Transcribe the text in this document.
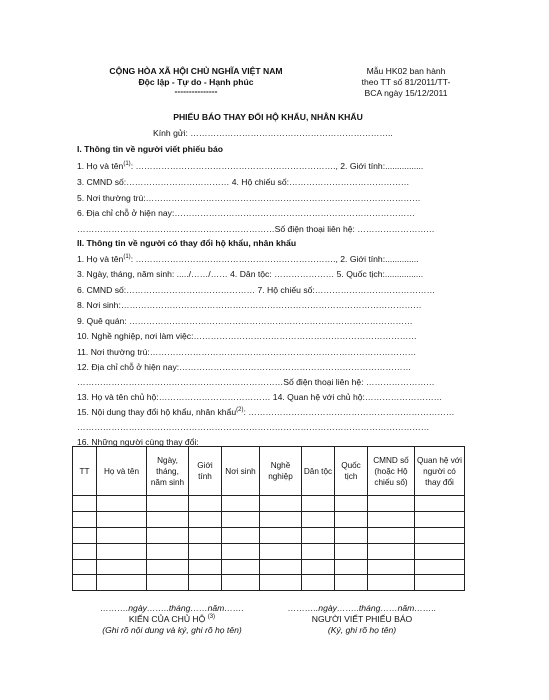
CỘNG HÒA XÃ HỘI CHỦ NGHĨA VIỆT NAM
Độc lập - Tự do - Hạnh phúc
---------------
Mẫu HK02 ban hành
theo TT số 81/2011/TT-
BCA ngày 15/12/2011
PHIẾU BÁO THAY ĐỔI HỘ KHẨU, NHÂN KHẨU
Kính gửi: ……………………………………………………………..
I. Thông tin về người viết phiếu báo
1. Họ và tên$^{(1)}$: ……………………………………………………………., 2. Giới tính:................
3. CMND số:……………………………… 4. Hộ chiếu số:……………………………………
5. Nơi thường trú:……………………………………………………………………………………
6. Địa chỉ chỗ ở hiện nay:…………………………………………………………………………
……………………………………………………………Số điện thoại liên hệ: ………………………
II. Thông tin về người có thay đổi hộ khẩu, nhân khẩu
1. Họ và tên$^{(1)}$: ……………………………………………………………., 2. Giới tính:..............
3. Ngày, tháng, năm sinh: ...../……/…… 4. Dân tộc: ………………… 5. Quốc tịch:................
6. CMND số:……………………………………… 7. Hộ chiếu số:……………………………………
8. Nơi sinh:……………………………………………………………………………………………
9. Quê quán: ………………………………………………………………………………………
10. Nghề nghiệp, nơi làm việc:……………………………………………………………………
11. Nơi thường trú:…………………………………………………………………………………
12. Địa chỉ chỗ ở hiện nay:………………………………………………………………………
………………………………………………………………Số điện thoại liên hệ: ……………………
13. Họ và tên chủ hộ:………………………………… 14. Quan hệ với chủ hộ:………………………
15. Nội dung thay đổi hộ khẩu, nhân khẩu$^{(2)}$: ………………………………………………………………
……………………………………………………………………………………………………………
16. Những người cùng thay đổi:
TT	Họ và tên	Ngày, tháng, năm sinh	Giới tính	Nơi sinh	Nghề nghiệp	Dân tộc	Quốc tịch	CMND số (hoặc Hộ chiếu số)	Quan hệ với người có thay đổi

……….ngày……..tháng……năm…….
KIẾN CỦA CHỦ HỘ $^{(3)}$
(Ghi rõ nội dung và ký, ghi rõ họ tên)
………..ngày……..tháng……năm……..
NGƯỜI VIẾT PHIẾU BÁO
(Ký, ghi rõ họ tên)
